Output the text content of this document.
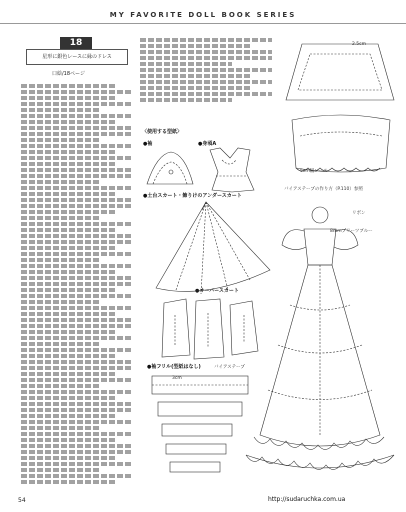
MY FAVORITE DOLL BOOK SERIES
18
星形に銀色レースに縁のドレス
口絵/18ページ
〈使用する型紙〉
●身頃A
●袖
●土台スカート・飾りけのアンダースカート
●オーバースカート
●袖フリル(型紙はなし)
バイアステープの作り方（P.110）参照
8mmプリーツブルー
5cm幅レース
バイアステープ
リボン
2.5cm
3cm
54	http://sudaruchka.com.ua
